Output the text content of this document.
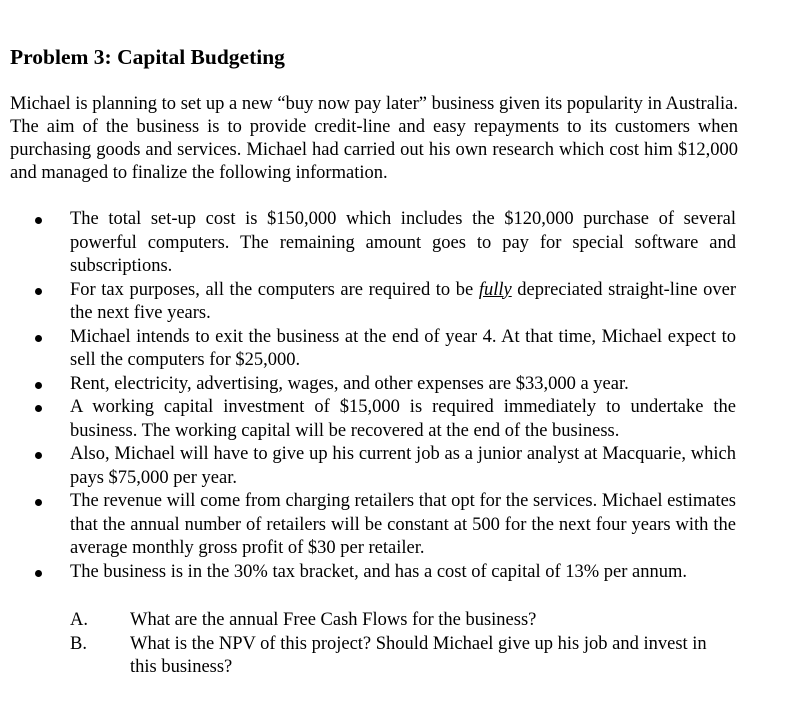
Problem 3: Capital Budgeting

Michael is planning to set up a new “buy now pay later” business given its popularity in Australia. The aim of the business is to provide credit-line and easy repayments to its customers when purchasing goods and services. Michael had carried out his own research which cost him $12,000 and managed to finalize the following information.

The total set-up cost is $150,000 which includes the $120,000 purchase of several powerful computers. The remaining amount goes to pay for special software and subscriptions.
For tax purposes, all the computers are required to be fully depreciated straight-line over the next five years.
Michael intends to exit the business at the end of year 4. At that time, Michael expect to sell the computers for $25,000.
Rent, electricity, advertising, wages, and other expenses are $33,000 a year.
A working capital investment of $15,000 is required immediately to undertake the business. The working capital will be recovered at the end of the business.
Also, Michael will have to give up his current job as a junior analyst at Macquarie, which pays $75,000 per year.
The revenue will come from charging retailers that opt for the services. Michael estimates that the annual number of retailers will be constant at 500 for the next four years with the average monthly gross profit of $30 per retailer.
The business is in the 30% tax bracket, and has a cost of capital of 13% per annum.
A. What are the annual Free Cash Flows for the business?
B. What is the NPV of this project? Should Michael give up his job and invest in this business?
